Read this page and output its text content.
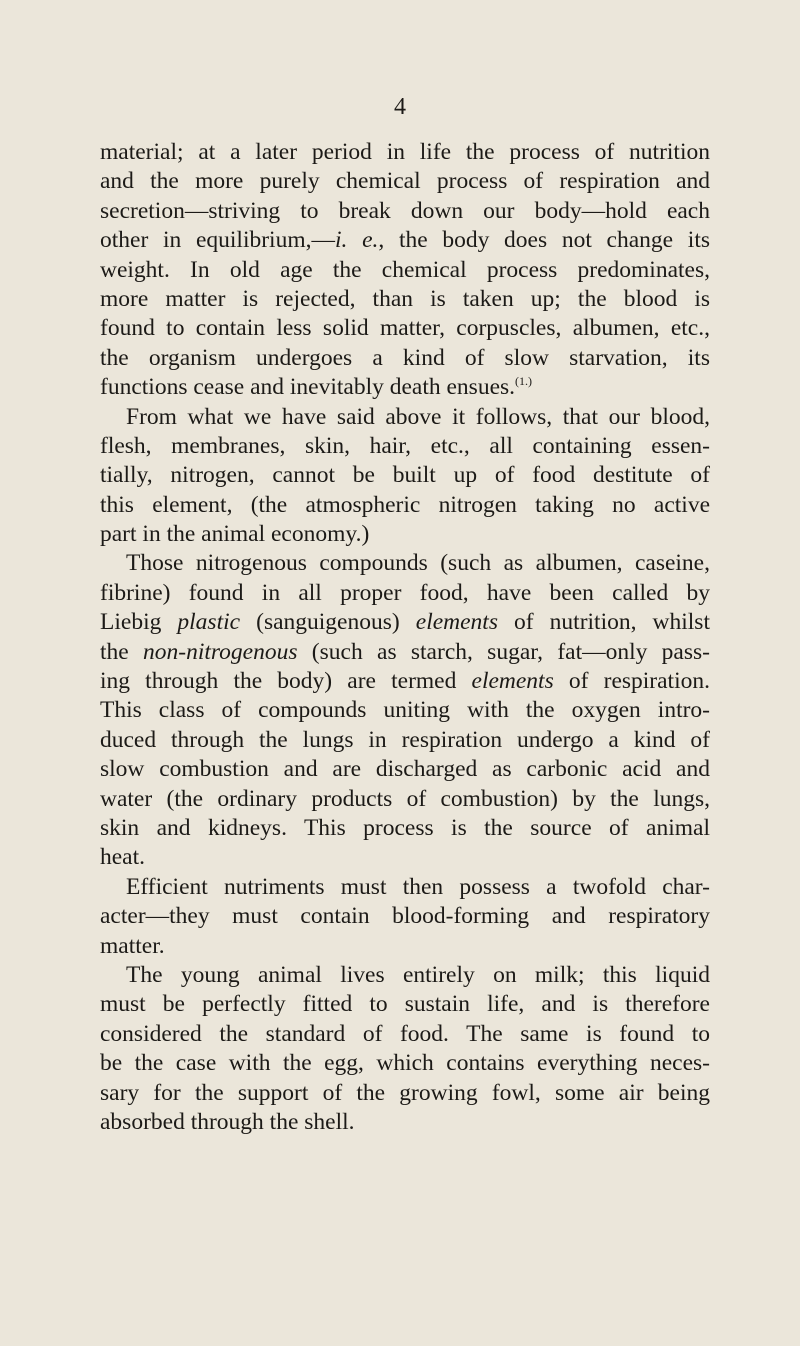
4
material; at a later period in life the process of nutrition
and the more purely chemical process of respiration and
secretion—striving to break down our body—hold each
other in equilibrium,—i. e., the body does not change its
weight. In old age the chemical process predominates,
more matter is rejected, than is taken up; the blood is
found to contain less solid matter, corpuscles, albumen, etc.,
the organism undergoes a kind of slow starvation, its
functions cease and inevitably death ensues.$^{(1.)}$
From what we have said above it follows, that our blood,
flesh, membranes, skin, hair, etc., all containing essen-
tially, nitrogen, cannot be built up of food destitute of
this element, (the atmospheric nitrogen taking no active
part in the animal economy.)
Those nitrogenous compounds (such as albumen, caseine,
fibrine) found in all proper food, have been called by
Liebig plastic (sanguigenous) elements of nutrition, whilst
the non-nitrogenous (such as starch, sugar, fat—only pass-
ing through the body) are termed elements of respiration.
This class of compounds uniting with the oxygen intro-
duced through the lungs in respiration undergo a kind of
slow combustion and are discharged as carbonic acid and
water (the ordinary products of combustion) by the lungs,
skin and kidneys. This process is the source of animal
heat.
Efficient nutriments must then possess a twofold char-
acter—they must contain blood-forming and respiratory
matter.
The young animal lives entirely on milk; this liquid
must be perfectly fitted to sustain life, and is therefore
considered the standard of food. The same is found to
be the case with the egg, which contains everything neces-
sary for the support of the growing fowl, some air being
absorbed through the shell.
